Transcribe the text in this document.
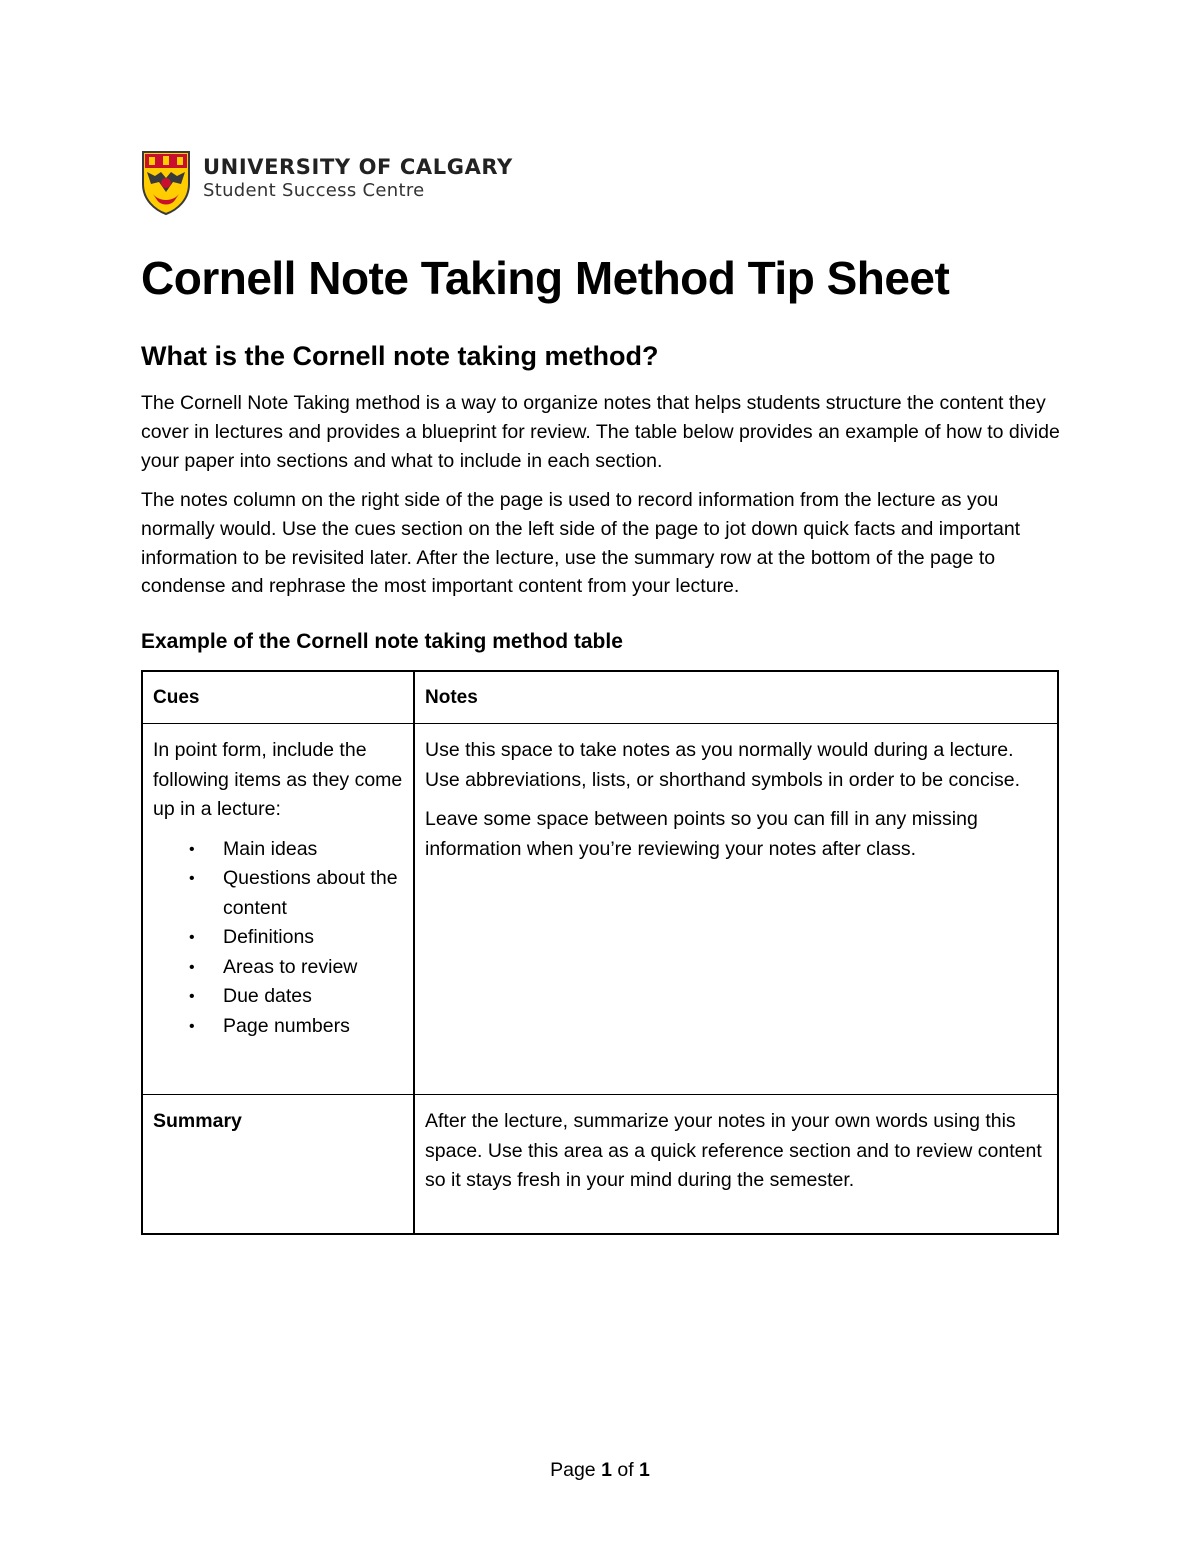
UNIVERSITY OF CALGARY
Student Success Centre
Cornell Note Taking Method Tip Sheet
What is the Cornell note taking method?

The Cornell Note Taking method is a way to organize notes that helps students structure the content they cover in lectures and provides a blueprint for review. The table below provides an example of how to divide your paper into sections and what to include in each section.

The notes column on the right side of the page is used to record information from the lecture as you normally would. Use the cues section on the left side of the page to jot down quick facts and important information to be revisited later. After the lecture, use the summary row at the bottom of the page to condense and rephrase the most important content from your lecture.

Example of the Cornell note taking method table
Cues	Notes

In point form, include the following items as they come up in a lecture:

• Main ideas
• Questions about the content
• Definitions
• Areas to review
• Due dates
• Page numbers

Use this space to take notes as you normally would during a lecture. Use abbreviations, lists, or shorthand symbols in order to be concise.

Leave some space between points so you can fill in any missing information when you’re reviewing your notes after class.

Summary	After the lecture, summarize your notes in your own words using this space. Use this area as a quick reference section and to review content so it stays fresh in your mind during the semester.
Page 1 of 1
